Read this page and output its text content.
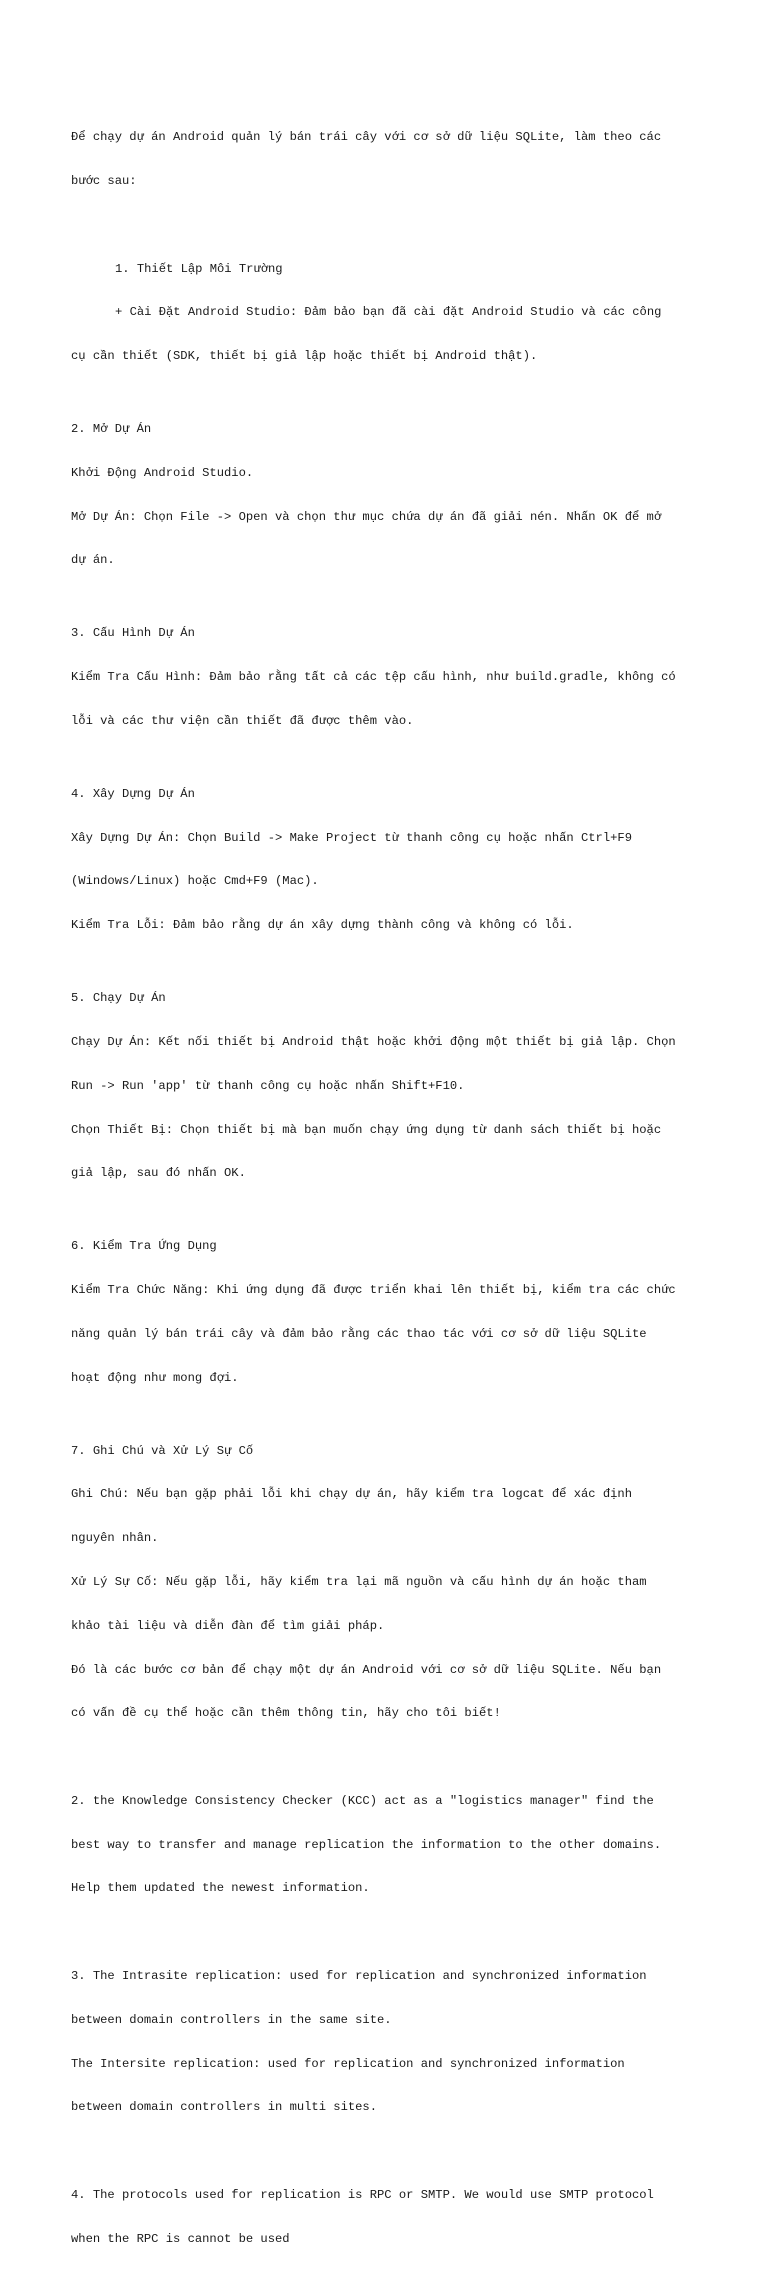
Để chạy dự án Android quản lý bán trái cây với cơ sở dữ liệu SQLite, làm theo các

bước sau:

1. Thiết Lập Môi Trường

+ Cài Đặt Android Studio: Đảm bảo bạn đã cài đặt Android Studio và các công

cụ cần thiết (SDK, thiết bị giả lập hoặc thiết bị Android thật).

2. Mở Dự Án

Khởi Động Android Studio.

Mở Dự Án: Chọn File -> Open và chọn thư mục chứa dự án đã giải nén. Nhấn OK để mở

dự án.

3. Cấu Hình Dự Án

Kiểm Tra Cấu Hình: Đảm bảo rằng tất cả các tệp cấu hình, như build.gradle, không có

lỗi và các thư viện cần thiết đã được thêm vào.

4. Xây Dựng Dự Án

Xây Dựng Dự Án: Chọn Build -> Make Project từ thanh công cụ hoặc nhấn Ctrl+F9

(Windows/Linux) hoặc Cmd+F9 (Mac).

Kiểm Tra Lỗi: Đảm bảo rằng dự án xây dựng thành công và không có lỗi.

5. Chạy Dự Án

Chạy Dự Án: Kết nối thiết bị Android thật hoặc khởi động một thiết bị giả lập. Chọn

Run -> Run 'app' từ thanh công cụ hoặc nhấn Shift+F10.

Chọn Thiết Bị: Chọn thiết bị mà bạn muốn chạy ứng dụng từ danh sách thiết bị hoặc

giả lập, sau đó nhấn OK.

6. Kiểm Tra Ứng Dụng

Kiểm Tra Chức Năng: Khi ứng dụng đã được triển khai lên thiết bị, kiểm tra các chức

năng quản lý bán trái cây và đảm bảo rằng các thao tác với cơ sở dữ liệu SQLite

hoạt động như mong đợi.

7. Ghi Chú và Xử Lý Sự Cố

Ghi Chú: Nếu bạn gặp phải lỗi khi chạy dự án, hãy kiểm tra logcat để xác định

nguyên nhân.

Xử Lý Sự Cố: Nếu gặp lỗi, hãy kiểm tra lại mã nguồn và cấu hình dự án hoặc tham

khảo tài liệu và diễn đàn để tìm giải pháp.

Đó là các bước cơ bản để chạy một dự án Android với cơ sở dữ liệu SQLite. Nếu bạn

có vấn đề cụ thể hoặc cần thêm thông tin, hãy cho tôi biết!

2. the Knowledge Consistency Checker (KCC) act as a "logistics manager" find the

best way to transfer and manage replication the information to the other domains.

Help them updated the newest information.

3. The Intrasite replication: used for replication and synchronized information

between domain controllers in the same site.

The Intersite replication: used for replication and synchronized information

between domain controllers in multi sites.

4. The protocols used for replication is RPC or SMTP. We would use SMTP protocol

when the RPC is cannot be used
